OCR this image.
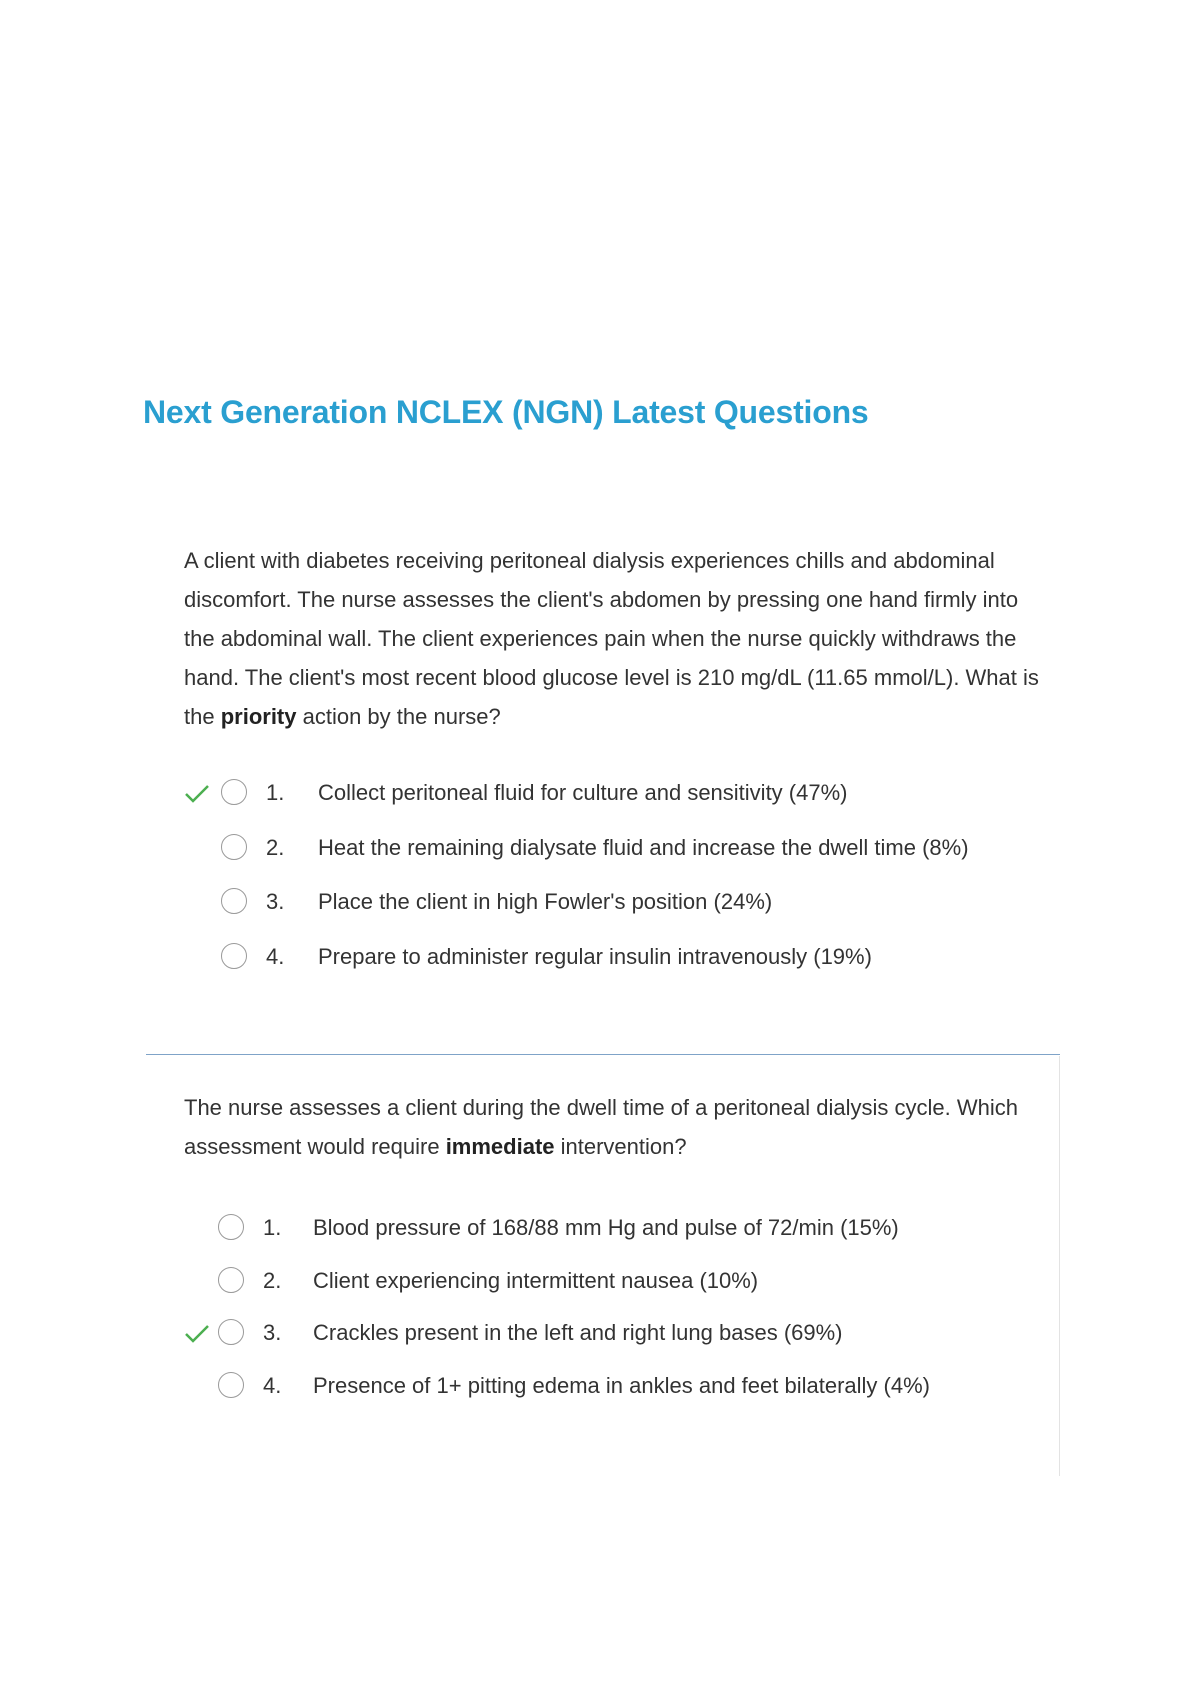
Next Generation NCLEX (NGN) Latest Questions

A client with diabetes receiving peritoneal dialysis experiences chills and abdominal discomfort. The nurse assesses the client's abdomen by pressing one hand firmly into the abdominal wall. The client experiences pain when the nurse quickly withdraws the hand. The client's most recent blood glucose level is 210 mg/dL (11.65 mmol/L). What is the priority action by the nurse?

1. Collect peritoneal fluid for culture and sensitivity (47%)
2. Heat the remaining dialysate fluid and increase the dwell time (8%)
3. Place the client in high Fowler's position (24%)
4. Prepare to administer regular insulin intravenously (19%)

The nurse assesses a client during the dwell time of a peritoneal dialysis cycle. Which assessment would require immediate intervention?

1. Blood pressure of 168/88 mm Hg and pulse of 72/min (15%)
2. Client experiencing intermittent nausea (10%)
3. Crackles present in the left and right lung bases (69%)
4. Presence of 1+ pitting edema in ankles and feet bilaterally (4%)
